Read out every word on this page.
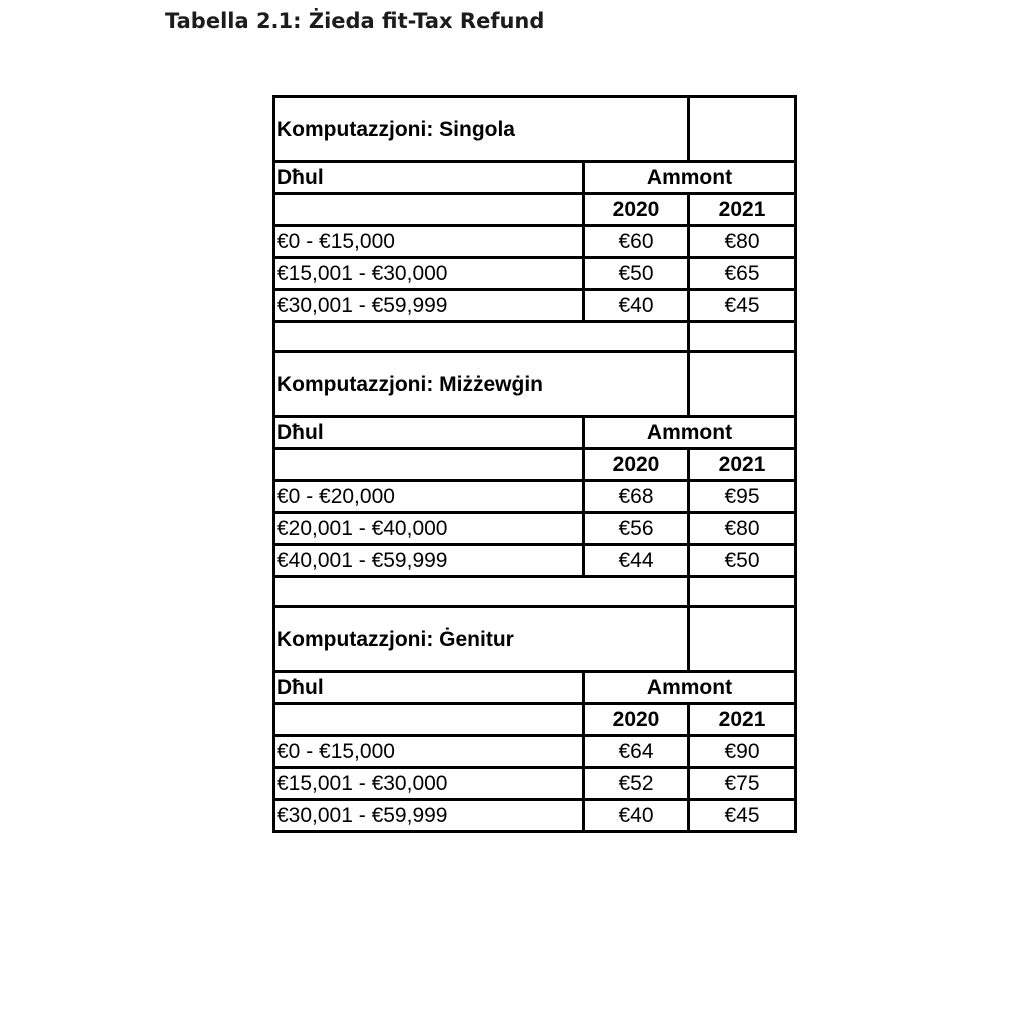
Tabella 2.1: Żieda fit-Tax Refund
Komputazzjoni: Singola		
Dħul	Ammont	
	2020	2021
€0 - €15,000	€60	€80
€15,001 - €30,000	€50	€65
€30,001 - €59,999	€40	€45

Komputazzjoni: Miżżewġin		
Dħul	Ammont	
	2020	2021
€0 - €20,000	€68	€95
€20,001 - €40,000	€56	€80
€40,001 - €59,999	€44	€50

Komputazzjoni: Ġenitur		
Dħul	Ammont	
	2020	2021
€0 - €15,000	€64	€90
€15,001 - €30,000	€52	€75
€30,001 - €59,999	€40	€45
